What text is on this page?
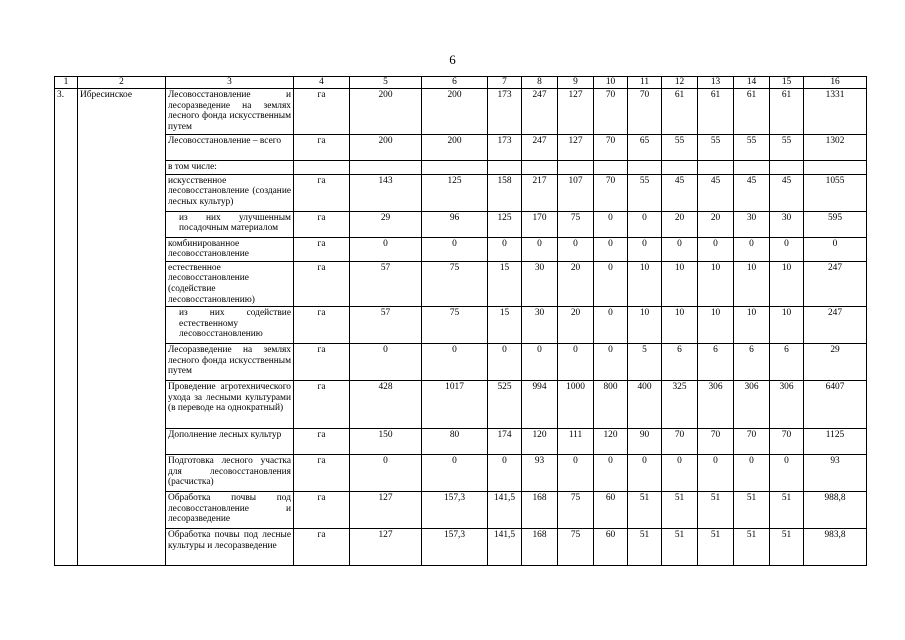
6
1	2	3	4	5	6	7	8	9	10	11	12	13	14	15	16
3.	Ибресинское	Лесовосстановление и лесоразведение на землях лесного фонда искусственным путем	га	200	200	173	247	127	70	70	61	61	61	61	1331
		Лесовосстановление – всего	га	200	200	173	247	127	70	65	55	55	55	55	1302
		в том числе:													
		искусственное лесовосстановление (создание лесных культур)	га	143	125	158	217	107	70	55	45	45	45	45	1055
		из них улучшенным посадочным материалом	га	29	96	125	170	75	0	0	20	20	30	30	595
		комбинированное лесовосстановление	га	0	0	0	0	0	0	0	0	0	0	0	0
		естественное лесовосстановление (содействие лесовосстановлению)	га	57	75	15	30	20	0	10	10	10	10	10	247
		из них содействие естественному лесовосстановлению	га	57	75	15	30	20	0	10	10	10	10	10	247
		Лесоразведение на землях лесного фонда искусственным путем	га	0	0	0	0	0	0	5	6	6	6	6	29
		Проведение агротехнического ухода за лесными культурами (в переводе на однократный)	га	428	1017	525	994	1000	800	400	325	306	306	306	6407
		Дополнение лесных культур	га	150	80	174	120	111	120	90	70	70	70	70	1125
		Подготовка лесного участка для лесовосстановления (расчистка)	га	0	0	0	93	0	0	0	0	0	0	0	93
		Обработка почвы под лесовосстановление и лесоразведение	га	127	157,3	141,5	168	75	60	51	51	51	51	51	988,8
		Обработка почвы под лесные культуры и лесоразведение	га	127	157,3	141,5	168	75	60	51	51	51	51	51	983,8
